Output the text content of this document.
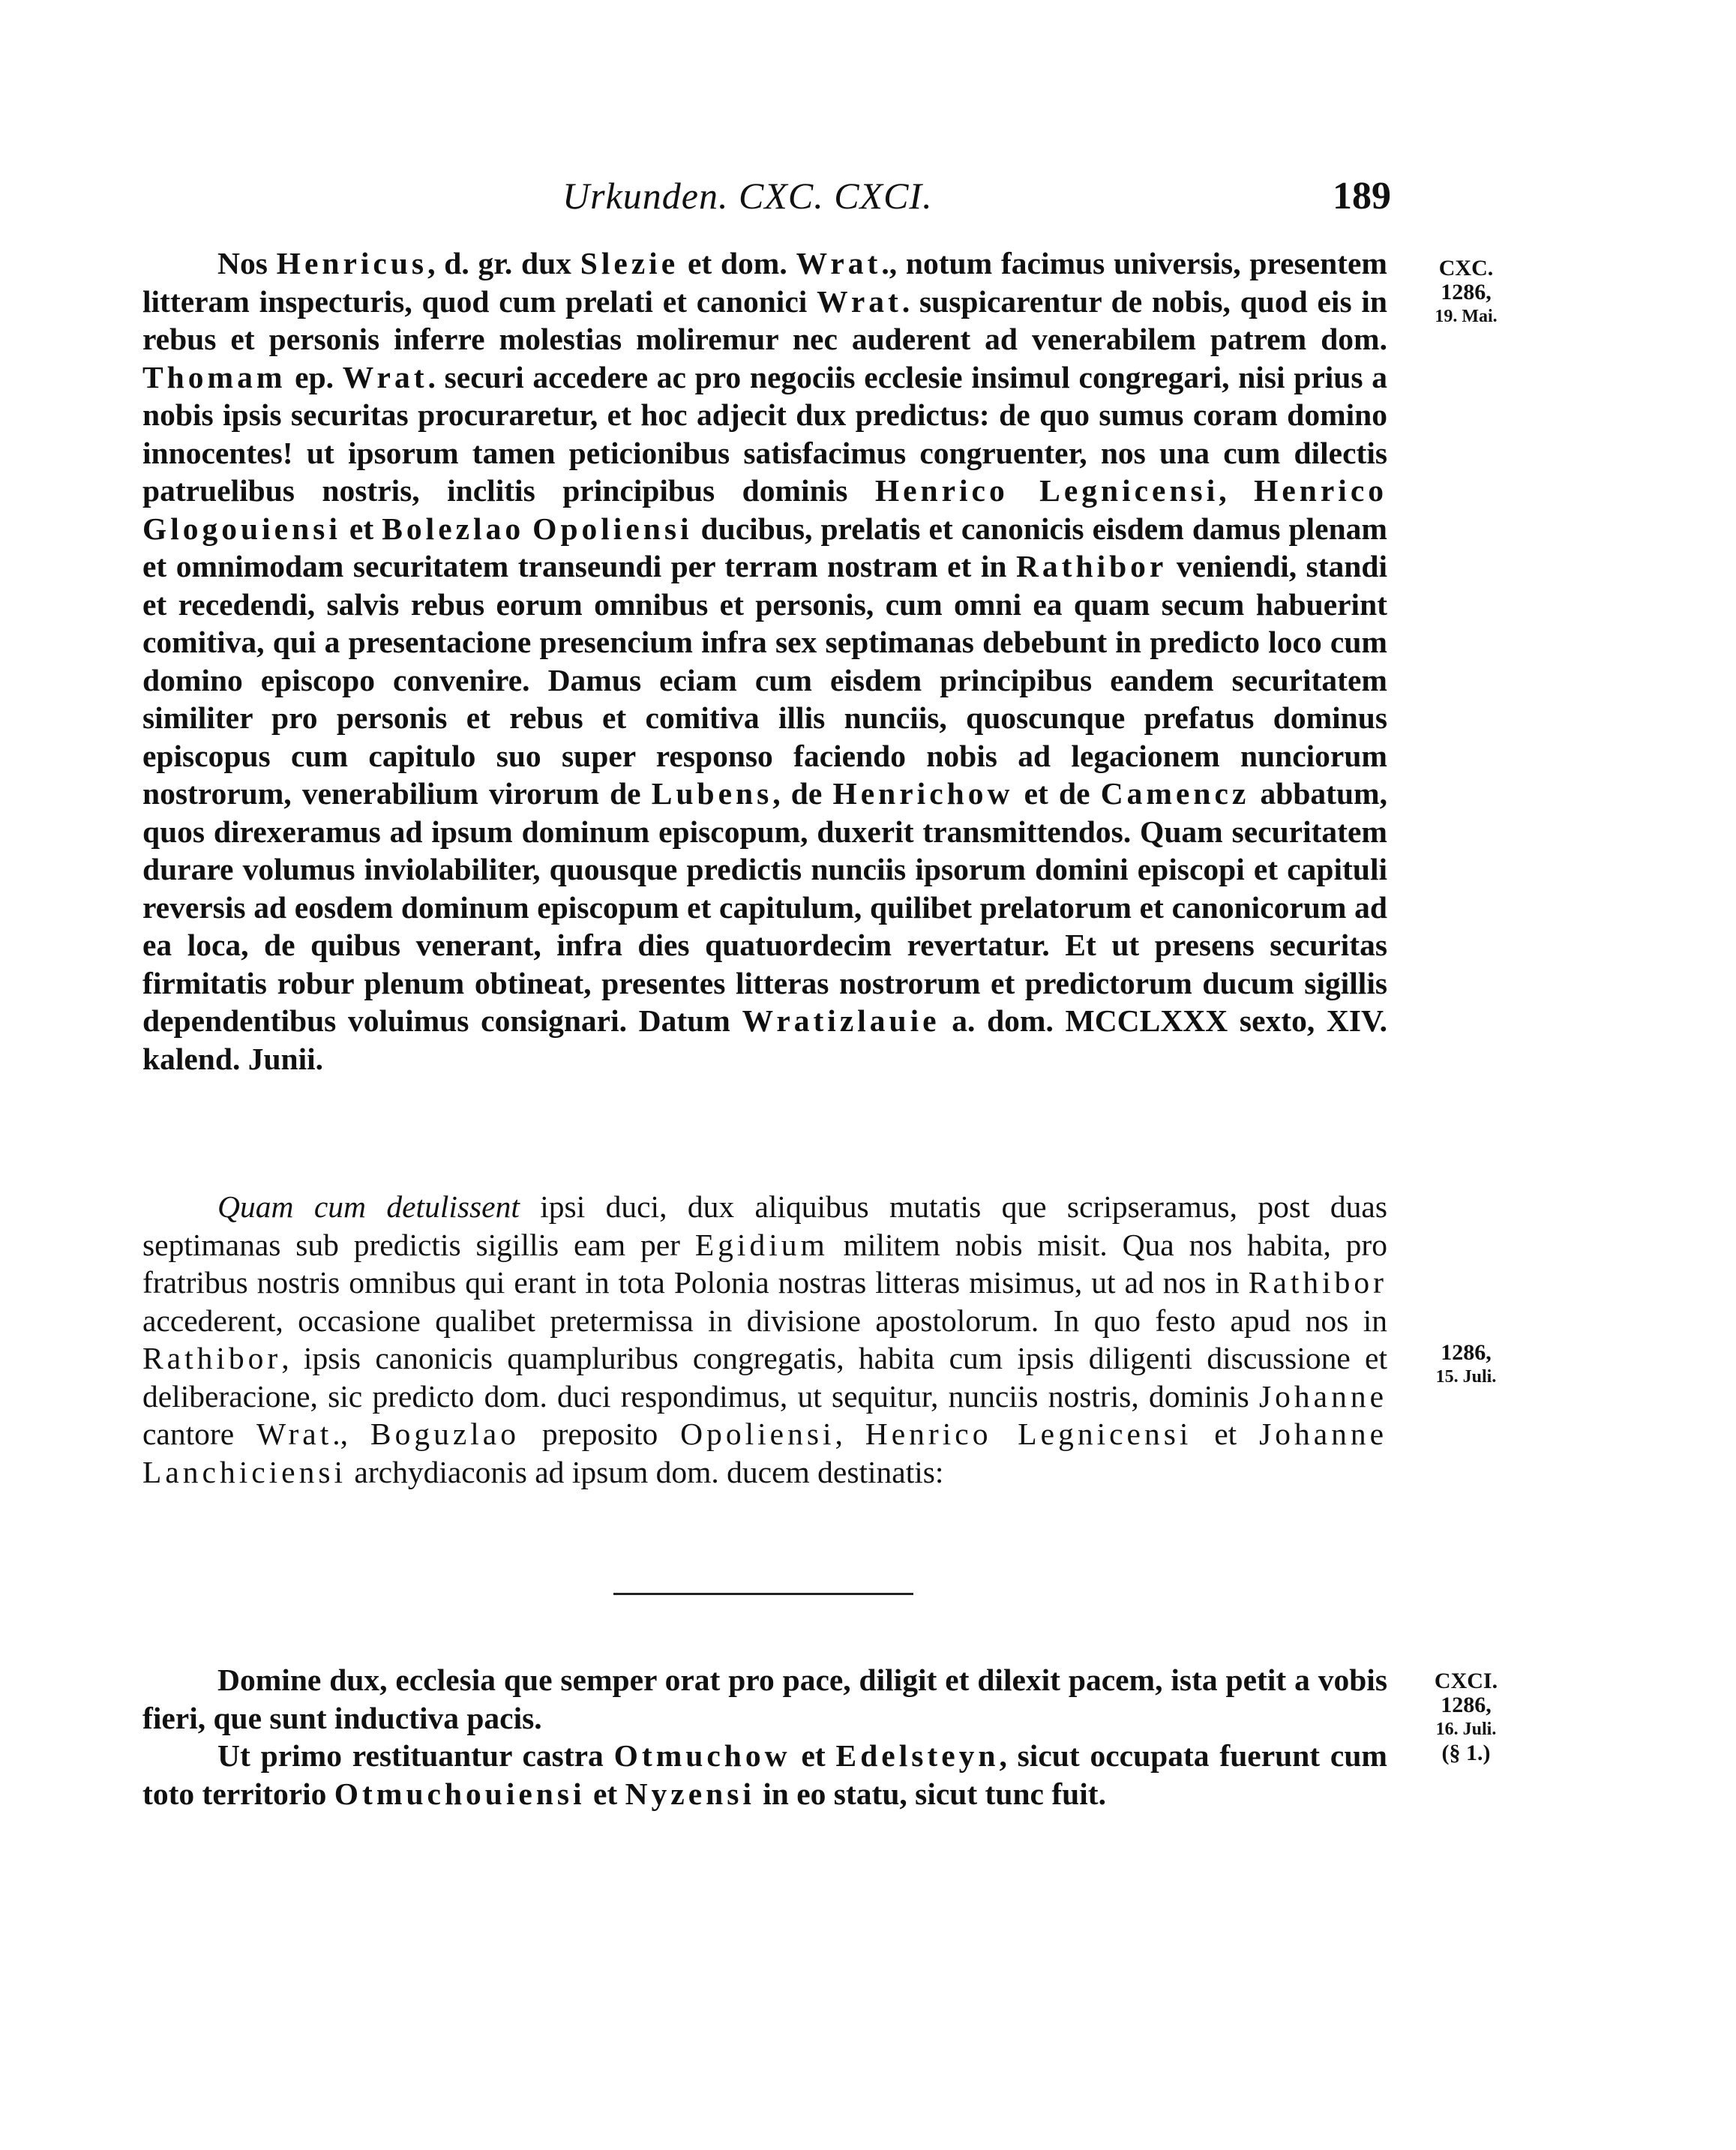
Urkunden. CXC. CXCI.	189

Nos Henricus, d. gr. dux Slezie et dom. Wrat., notum facimus universis, presentem litteram inspecturis, quod cum prelati et canonici Wrat. suspicarentur de nobis, quod eis in rebus et personis inferre molestias moliremur nec auderent ad venerabilem patrem dom. Thomam ep. Wrat. securi accedere ac pro negociis ecclesie insimul congregari, nisi prius a nobis ipsis securitas procuraretur, et hoc adjecit dux predictus: de quo sumus coram domino innocentes! ut ipsorum tamen peticionibus satisfacimus congruenter, nos una cum dilectis patruelibus nostris, inclitis principibus dominis Henrico Legnicensi, Henrico Glogouiensi et Bolezlao Opoliensi ducibus, prelatis et canonicis eisdem damus plenam et omnimodam securitatem transeundi per terram nostram et in Rathibor veniendi, standi et recedendi, salvis rebus eorum omnibus et personis, cum omni ea quam secum habuerint comitiva, qui a presentacione presencium infra sex septimanas debebunt in predicto loco cum domino episcopo convenire. Damus eciam cum eisdem principibus eandem securitatem similiter pro personis et rebus et comitiva illis nunciis, quoscunque prefatus dominus episcopus cum capitulo suo super responso faciendo nobis ad legacionem nunciorum nostrorum, venerabilium virorum de Lubens, de Henrichow et de Camencz abbatum, quos direxeramus ad ipsum dominum episcopum, duxerit transmittendos. Quam securitatem durare volumus inviolabiliter, quousque predictis nunciis ipsorum domini episcopi et capituli reversis ad eosdem dominum episcopum et capitulum, quilibet prelatorum et canonicorum ad ea loca, de quibus venerant, infra dies quatuordecim revertatur. Et ut presens securitas firmitatis robur plenum obtineat, presentes litteras nostrorum et predictorum ducum sigillis dependentibus voluimus consignari. Datum Wratizlauie a. dom. MCCLXXX sexto, XIV. kalend. Junii.

CXC.
1286,
19. Mai.

Quam cum detulissent ipsi duci, dux aliquibus mutatis que scripseramus, post duas septimanas sub predictis sigillis eam per Egidium militem nobis misit. Qua nos habita, pro fratribus nostris omnibus qui erant in tota Polonia nostras litteras misimus, ut ad nos in Rathibor accederent, occasione qualibet pretermissa in divisione apostolorum. In quo festo apud nos in Rathibor, ipsis canonicis quampluribus congregatis, habita cum ipsis diligenti discussione et deliberacione, sic predicto dom. duci respondimus, ut sequitur, nunciis nostris, dominis Johanne cantore Wrat., Boguzlao preposito Opoliensi, Henrico Legnicensi et Johanne Lanchiciensi archydiaconis ad ipsum dom. ducem destinatis:

1286,
15. Juli.

Domine dux, ecclesia que semper orat pro pace, diligit et dilexit pacem, ista petit a vobis fieri, que sunt inductiva pacis.

Ut primo restituantur castra Otmuchow et Edelsteyn, sicut occupata fuerunt cum toto territorio Otmuchouiensi et Nyzensi in eo statu, sicut tunc fuit.

CXCI.
1286,
16. Juli.
(§ 1.)
